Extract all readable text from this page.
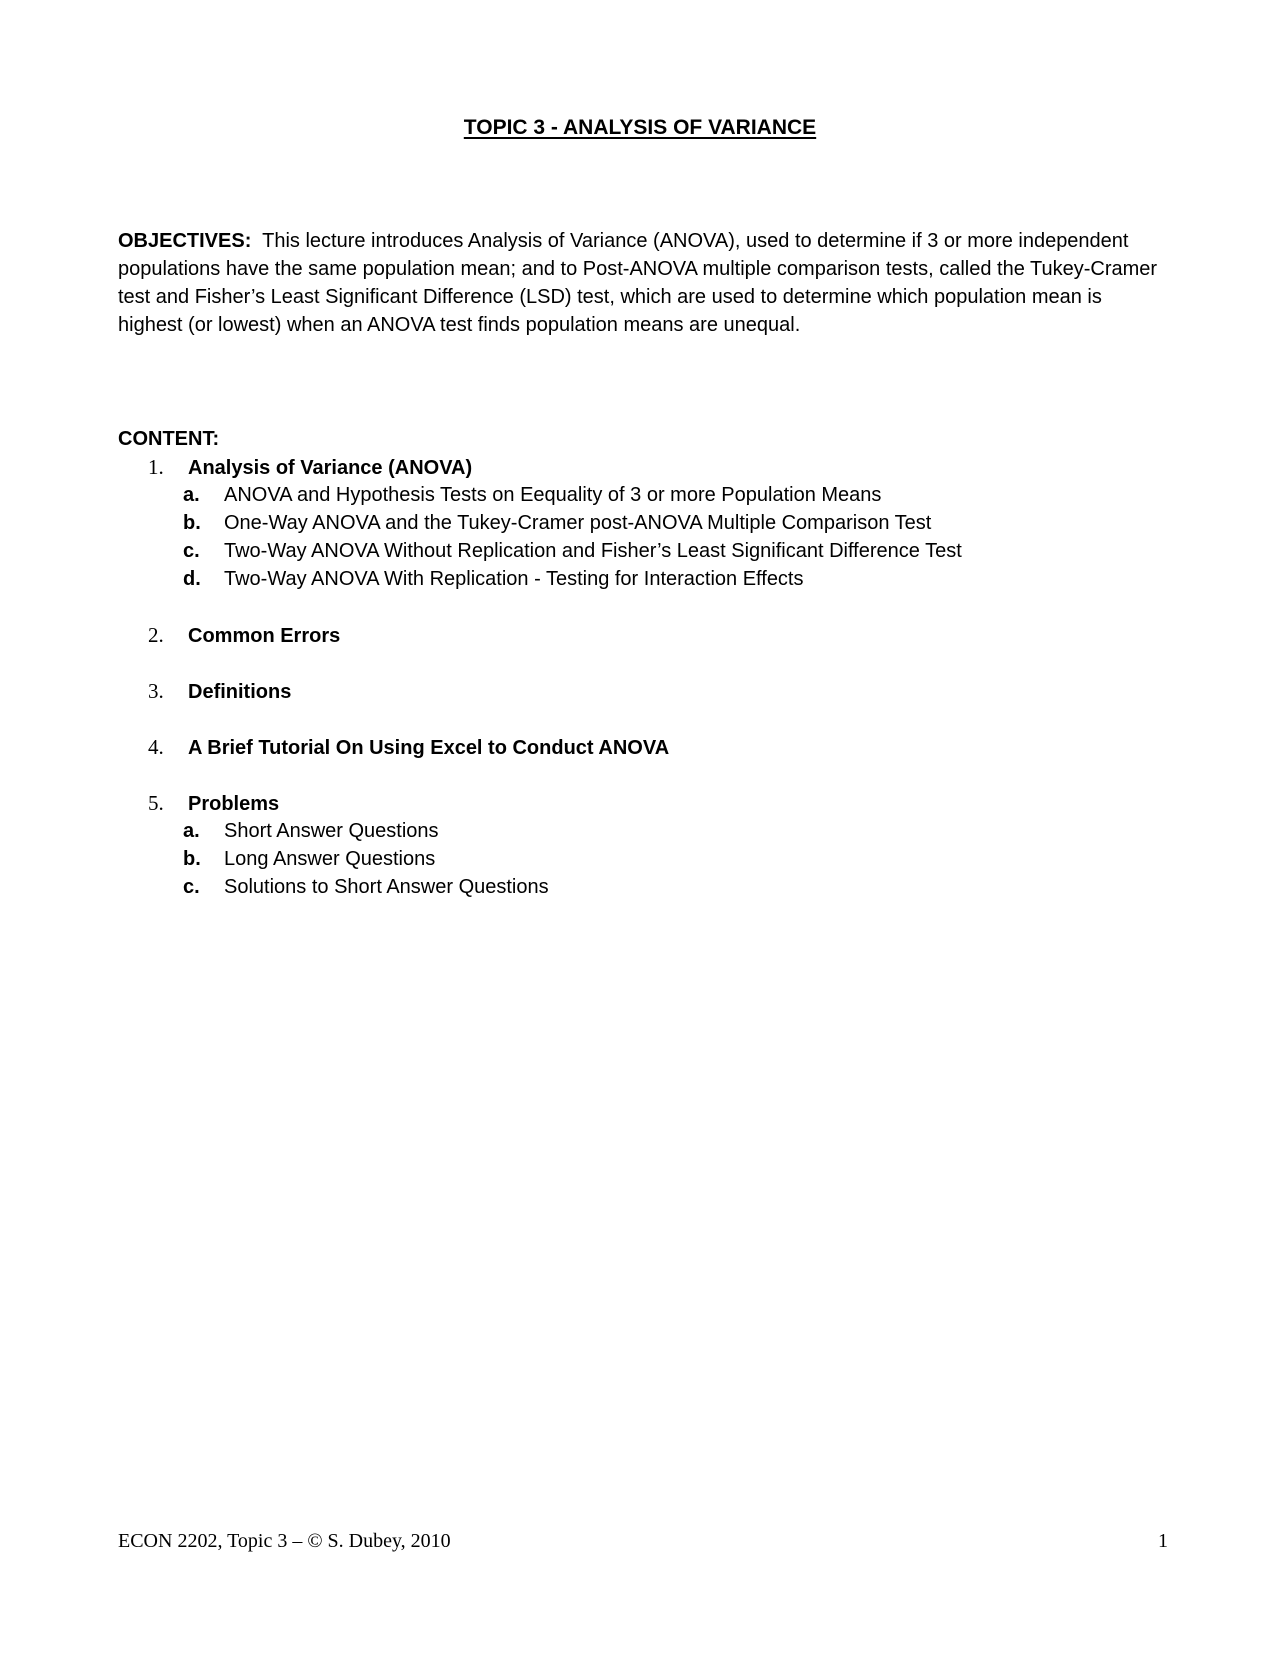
TOPIC 3 - ANALYSIS OF VARIANCE

OBJECTIVES: This lecture introduces Analysis of Variance (ANOVA), used to determine if 3 or more independent populations have the same population mean; and to Post-ANOVA multiple comparison tests, called the Tukey-Cramer test and Fisher’s Least Significant Difference (LSD) test, which are used to determine which population mean is highest (or lowest) when an ANOVA test finds population means are unequal.

CONTENT:
1.	Analysis of Variance (ANOVA)
a.	ANOVA and Hypothesis Tests on Eequality of 3 or more Population Means
b.	One-Way ANOVA and the Tukey-Cramer post-ANOVA Multiple Comparison Test
c.	Two-Way ANOVA Without Replication and Fisher’s Least Significant Difference Test
d.	Two-Way ANOVA With Replication - Testing for Interaction Effects
2.	Common Errors
3.	Definitions
4.	A Brief Tutorial On Using Excel to Conduct ANOVA
5.	Problems
a.	Short Answer Questions
b.	Long Answer Questions
c.	Solutions to Short Answer Questions
ECON 2202, Topic 3 – © S. Dubey, 2010	1
